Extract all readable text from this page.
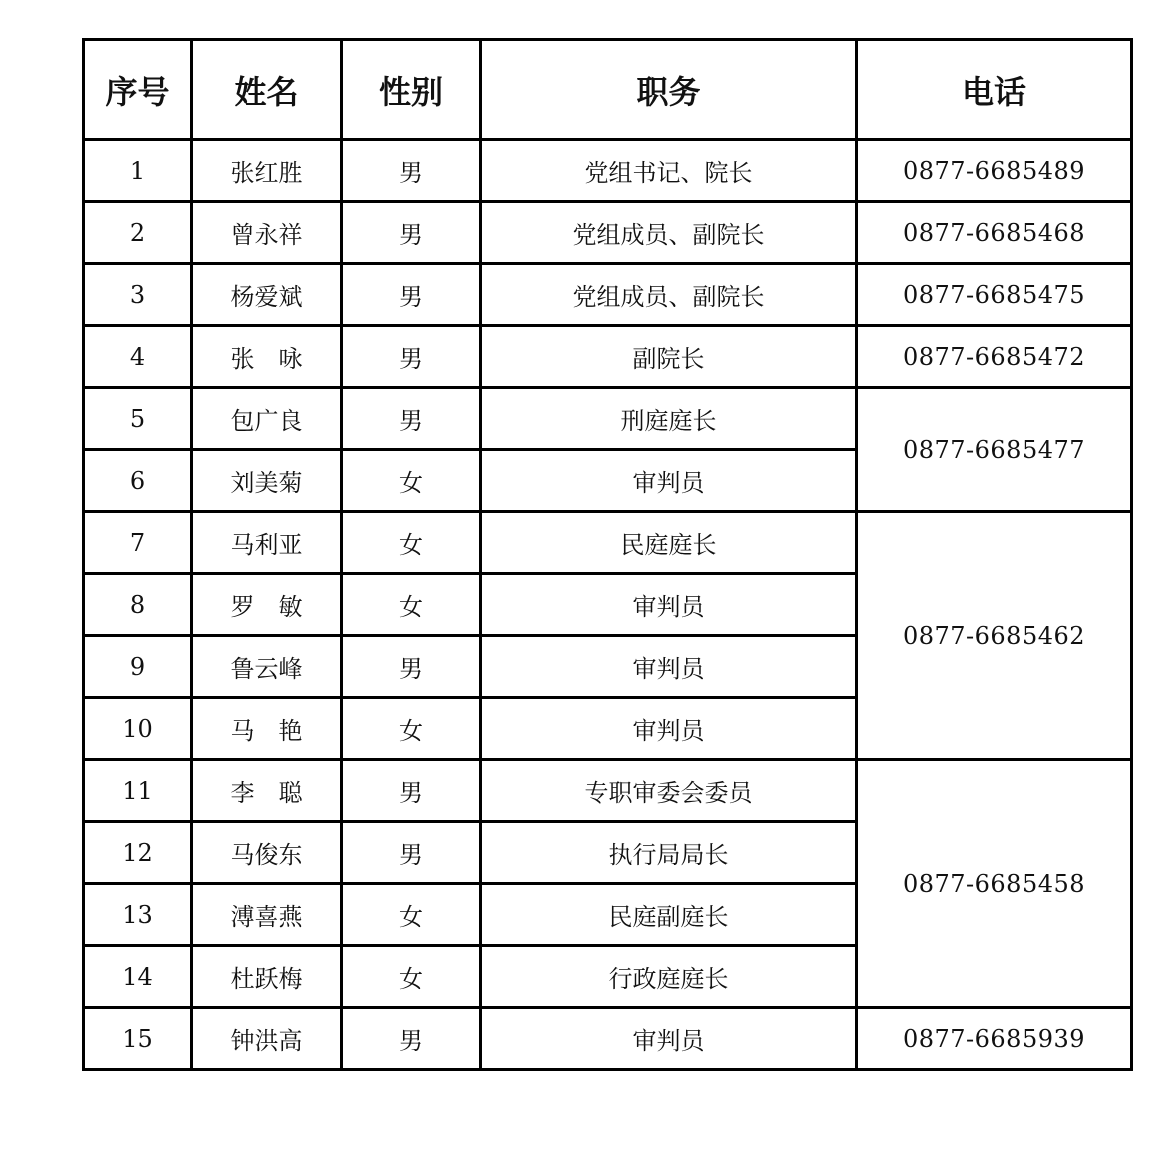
序号	姓名	性别	职务	电话
1	张红胜	男	党组书记、院长	0877-6685489
2	曾永祥	男	党组成员、副院长	0877-6685468
3	杨爱斌	男	党组成员、副院长	0877-6685475
4	张　咏	男	副院长	0877-6685472
5	包广良	男	刑庭庭长	0877-6685477
6	刘美菊	女	审判员	
7	马利亚	女	民庭庭长	0877-6685462
8	罗　敏	女	审判员	
9	鲁云峰	男	审判员	
10	马　艳	女	审判员	
11	李　聪	男	专职审委会委员	0877-6685458
12	马俊东	男	执行局局长	
13	溥喜燕	女	民庭副庭长	
14	杜跃梅	女	行政庭庭长	
15	钟洪高	男	审判员	0877-6685939
